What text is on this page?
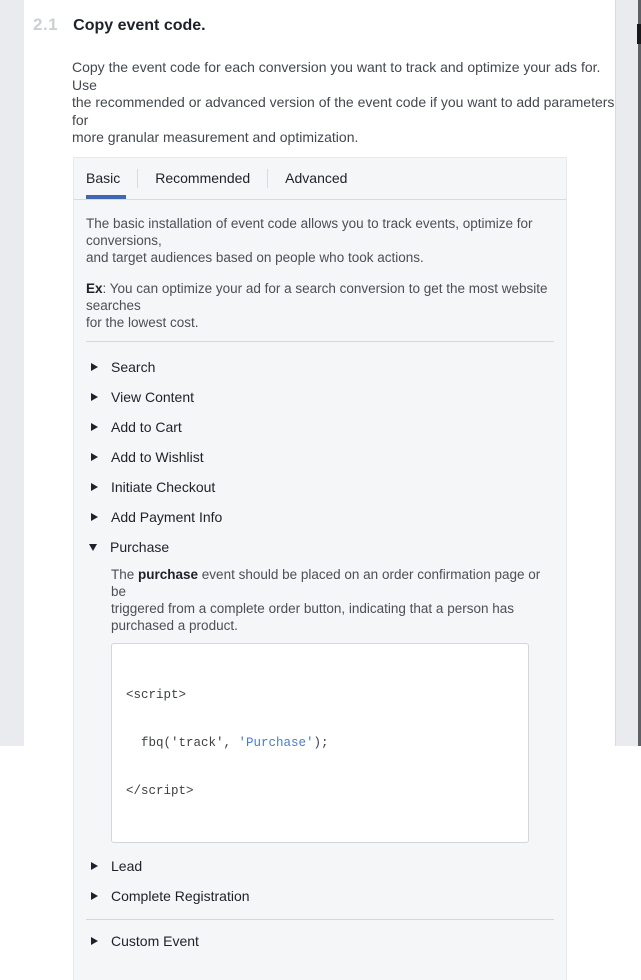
2.1 Copy event code.
Copy the event code for each conversion you want to track and optimize your ads for. Use
the recommended or advanced version of the event code if you want to add parameters for
more granular measurement and optimization.
Basic	Recommended	Advanced
The basic installation of event code allows you to track events, optimize for conversions,
and target audiences based on people who took actions.
Ex: You can optimize your ad for a search conversion to get the most website searches
for the lowest cost.
Search
View Content
Add to Cart
Add to Wishlist
Initiate Checkout
Add Payment Info
Purchase
The purchase event should be placed on an order confirmation page or be
triggered from a complete order button, indicating that a person has
purchased a product.

<script>

fbq('track', 'Purchase');

</script>

Lead
Complete Registration
Custom Event
